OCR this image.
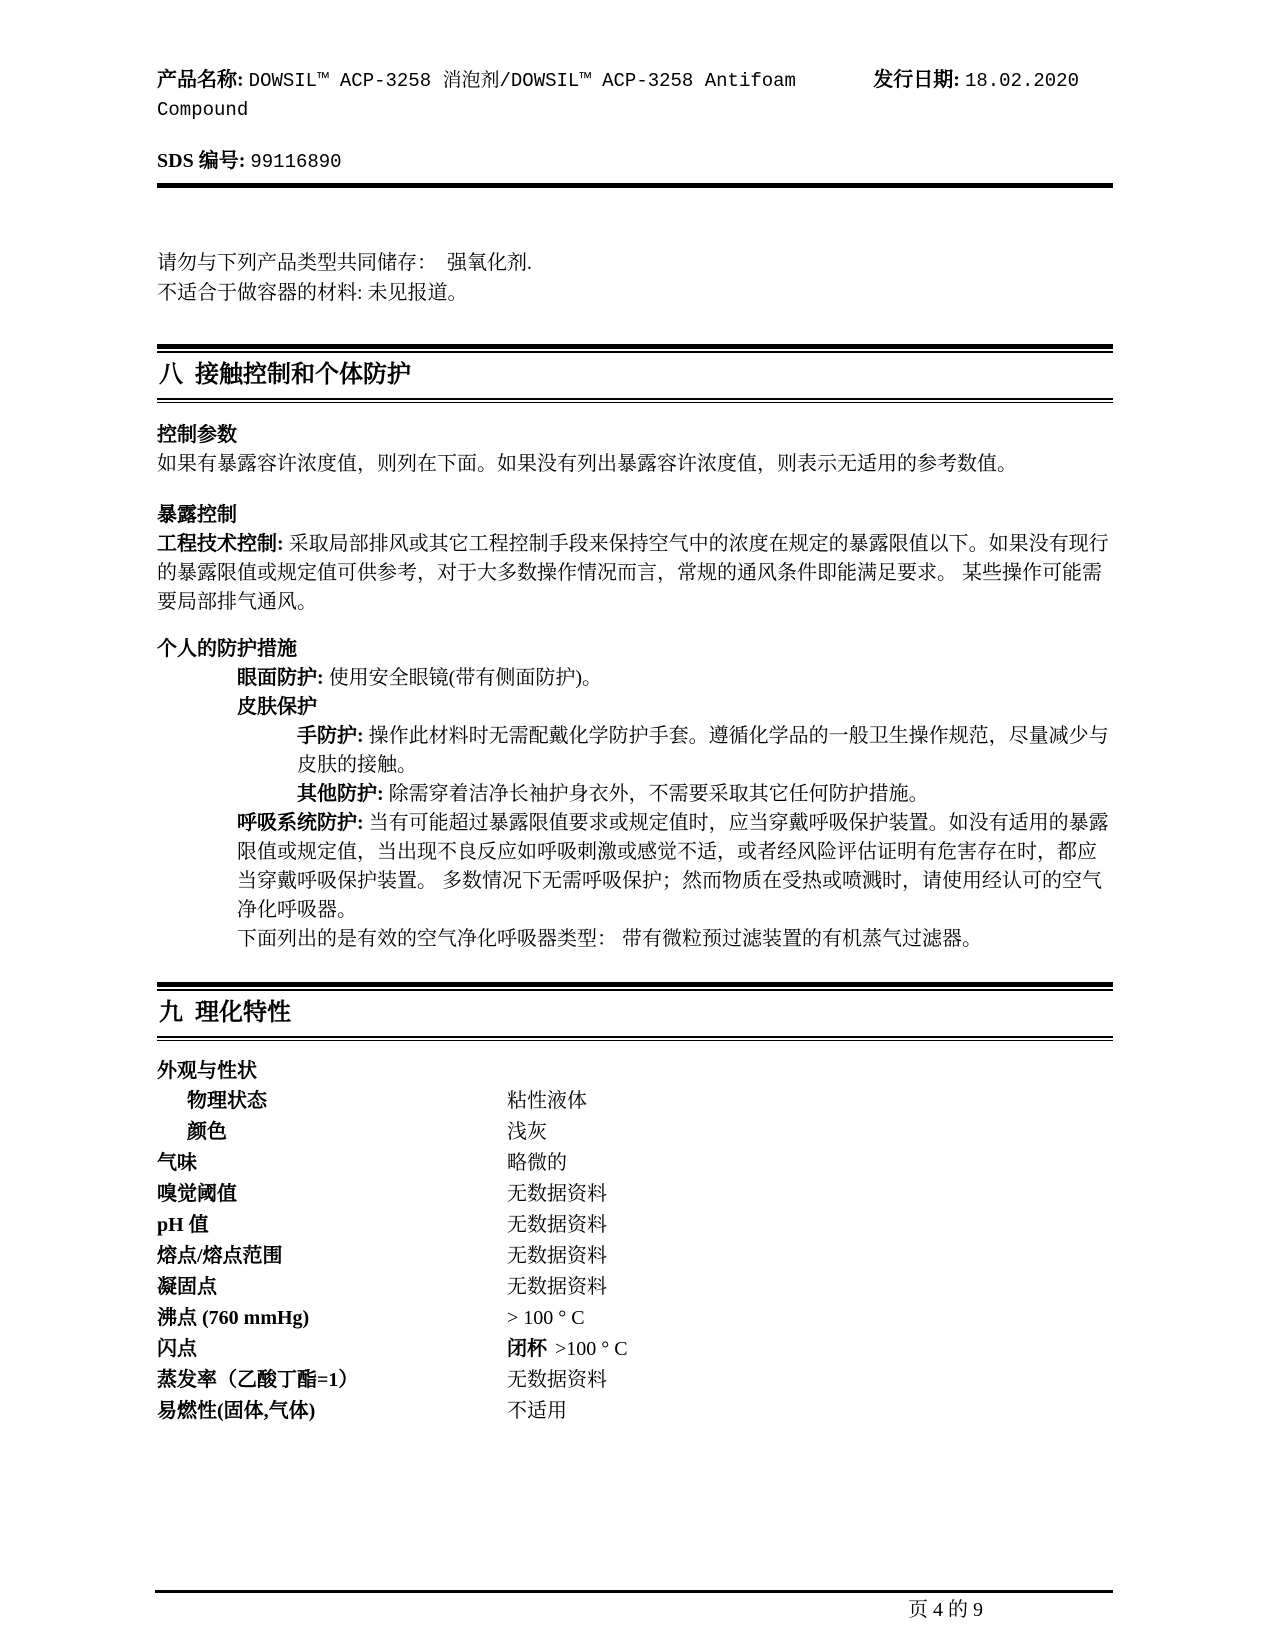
产品名称: DOWSIL™ ACP-3258 消泡剂/DOWSIL™ ACP-3258 Antifoam Compound
发行日期: 18.02.2020
SDS 编号: 99116890
请勿与下列产品类型共同储存：  强氧化剂.
不适合于做容器的材料: 未见报道。
八  接触控制和个体防护
控制参数
如果有暴露容许浓度值，则列在下面。如果没有列出暴露容许浓度值，则表示无适用的参考数值。
暴露控制
工程技术控制: 采取局部排风或其它工程控制手段来保持空气中的浓度在规定的暴露限值以下。如果没有现行的暴露限值或规定值可供参考，对于大多数操作情况而言，常规的通风条件即能满足要求。 某些操作可能需要局部排气通风。
个人的防护措施
眼面防护: 使用安全眼镜(带有侧面防护)。
皮肤保护
手防护: 操作此材料时无需配戴化学防护手套。遵循化学品的一般卫生操作规范，尽量减少与皮肤的接触。
其他防护: 除需穿着洁净长袖护身衣外，不需要采取其它任何防护措施。
呼吸系统防护: 当有可能超过暴露限值要求或规定值时，应当穿戴呼吸保护装置。如没有适用的暴露限值或规定值，当出现不良反应如呼吸刺激或感觉不适，或者经风险评估证明有危害存在时，都应当穿戴呼吸保护装置。 多数情况下无需呼吸保护；然而物质在受热或喷溅时，请使用经认可的空气净化呼吸器。
下面列出的是有效的空气净化呼吸器类型： 带有微粒预过滤装置的有机蒸气过滤器。
九  理化特性
外观与性状
物理状态	粘性液体
颜色	浅灰
气味	略微的
嗅觉阈值	无数据资料
pH 值	无数据资料
熔点/熔点范围	无数据资料
凝固点	无数据资料
沸点 (760 mmHg)	> 100 ° C
闪点	闭杯 >100 ° C
蒸发率（乙酸丁酯=1）	无数据资料
易燃性(固体,气体)	不适用
页 4 的 9
